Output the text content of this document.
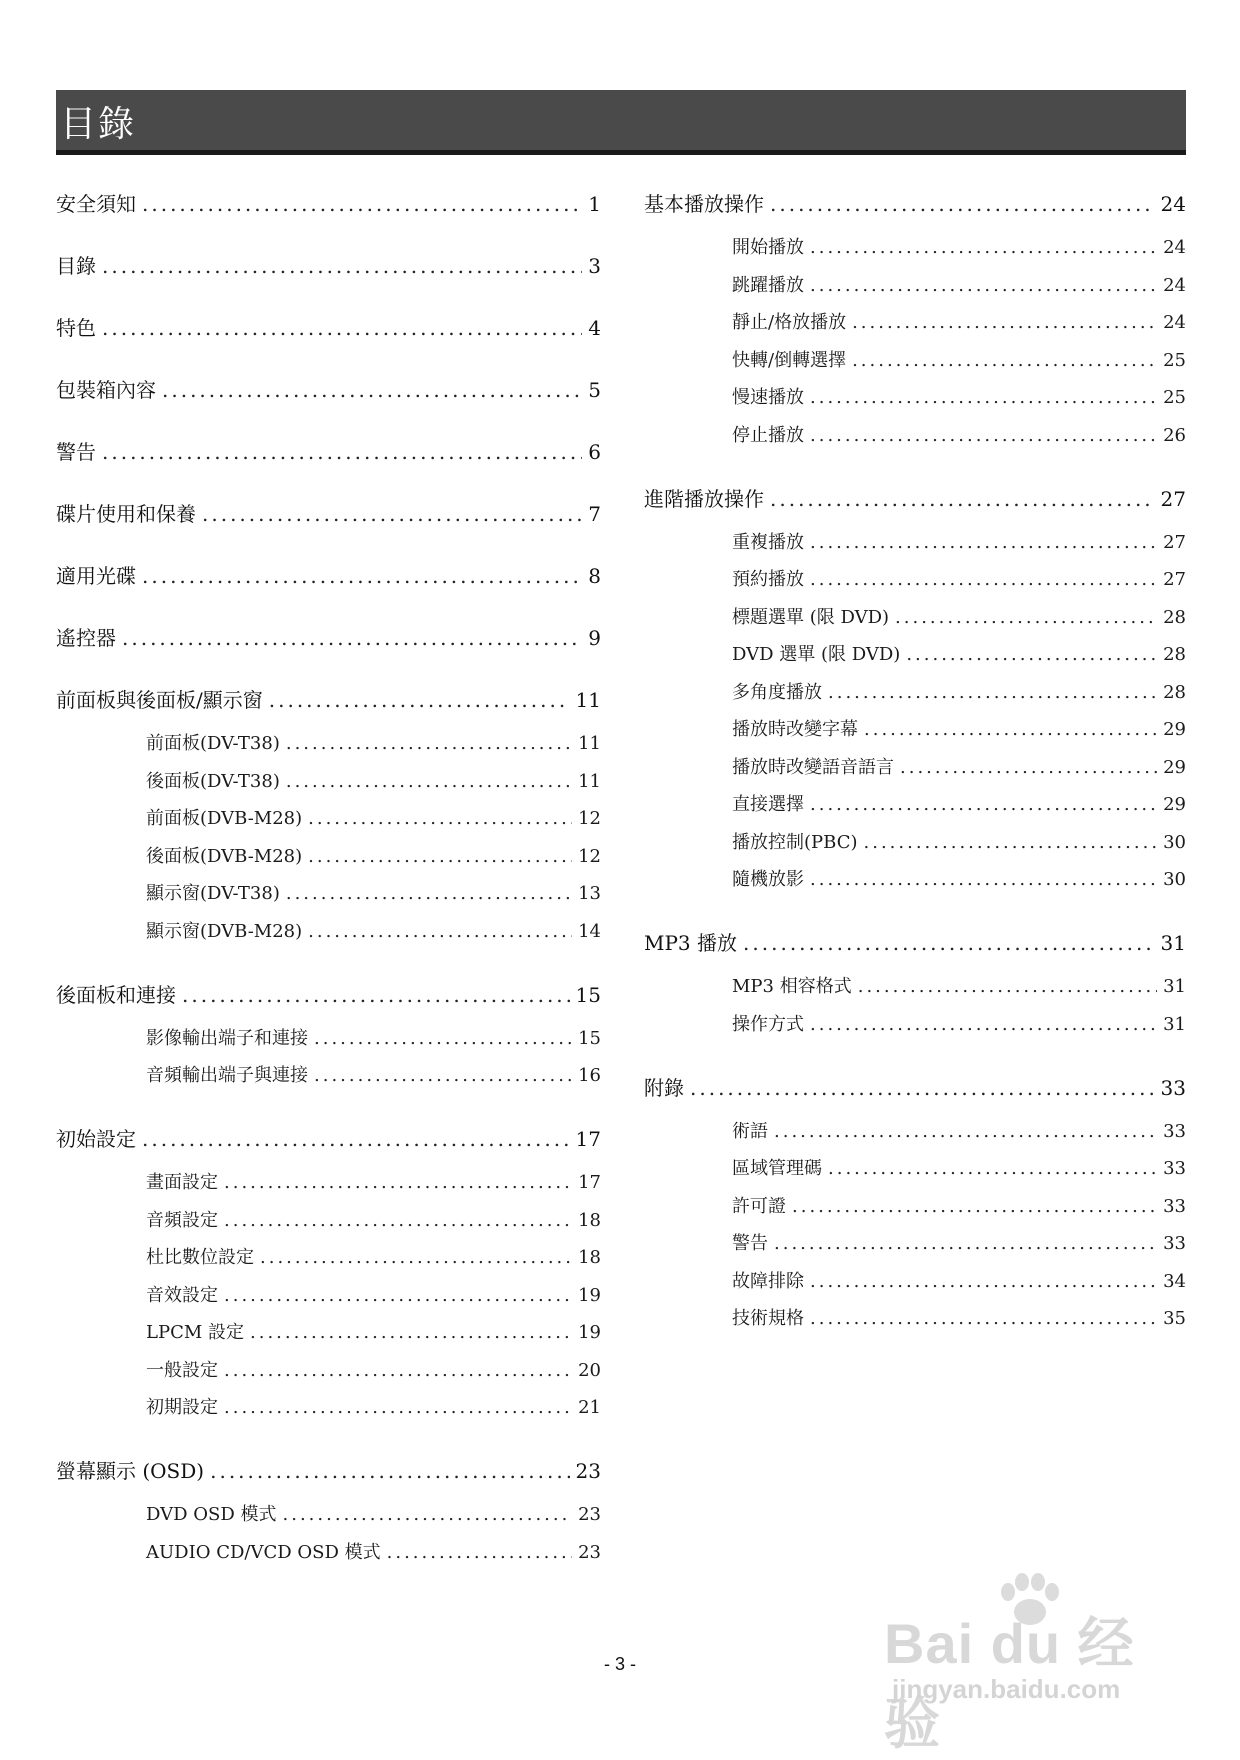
目錄
安全須知 .....	1
目錄 .....	3
特色 .....	4
包裝箱內容 .....	5
警告 .....	6
碟片使用和保養 .....	7
適用光碟 .....	8
遙控器 .....	9
前面板與後面板/顯示窗 .....	11
前面板(DV-T38) .....	11
後面板(DV-T38) .....	11
前面板(DVB-M28) .....	12
後面板(DVB-M28) .....	12
顯示窗(DV-T38) .....	13
顯示窗(DVB-M28) .....	14
後面板和連接 .....	15
影像輸出端子和連接 .....	15
音頻輸出端子與連接 .....	16
初始設定 .....	17
畫面設定 .....	17
音頻設定 .....	18
杜比數位設定 .....	18
音效設定 .....	19
LPCM 設定 .....	19
一般設定 .....	20
初期設定 .....	21
螢幕顯示 (OSD) .....	23
DVD OSD 模式 .....	23
AUDIO CD/VCD OSD 模式 .....	23
基本播放操作 .....	24
開始播放 .....	24
跳躍播放 .....	24
靜止/格放播放 .....	24
快轉/倒轉選擇 .....	25
慢速播放 .....	25
停止播放 .....	26
進階播放操作 .....	27
重複播放 .....	27
預約播放 .....	27
標題選單 (限 DVD) .....	28
DVD 選單 (限 DVD) .....	28
多角度播放 .....	28
播放時改變字幕 .....	29
播放時改變語音語言 .....	29
直接選擇 .....	29
播放控制(PBC) .....	30
隨機放影 .....	30
MP3 播放 .....	31
MP3 相容格式 .....	31
操作方式 .....	31
附錄 .....	33
術語 .....	33
區域管理碼 .....	33
許可證 .....	33
警告 .....	33
故障排除 .....	34
技術規格 .....	35
- 3 -	Bai du 经验
jingyan.baidu.com
